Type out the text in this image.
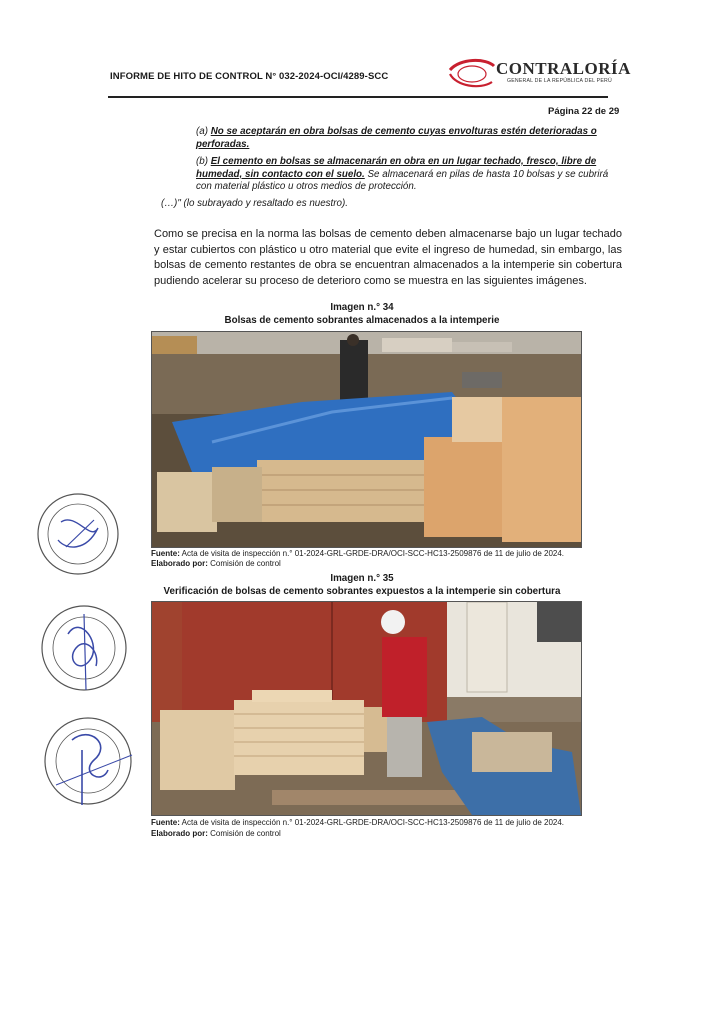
INFORME DE HITO DE CONTROL N° 032-2024-OCI/4289-SCC	CONTRALORÍA
GENERAL DE LA REPÚBLICA DEL PERÚ
Página 22 de 29
(a) No se aceptarán en obra bolsas de cemento cuyas envolturas estén deterioradas o perforadas.
(b) El cemento en bolsas se almacenarán en obra en un lugar techado, fresco, libre de humedad, sin contacto con el suelo. Se almacenará en pilas de hasta 10 bolsas y se cubrirá con material plástico u otros medios de protección.
(…)" (lo subrayado y resaltado es nuestro).
Como se precisa en la norma las bolsas de cemento deben almacenarse bajo un lugar techado y estar cubiertos con plástico u otro material que evite el ingreso de humedad, sin embargo, las bolsas de cemento restantes de obra se encuentran almacenados a la intemperie sin cobertura pudiendo acelerar su proceso de deterioro como se muestra en las siguientes imágenes.
Imagen n.° 34
Bolsas de cemento sobrantes almacenados a la intemperie
Fuente: Acta de visita de inspección n.° 01-2024-GRL-GRDE-DRA/OCI-SCC-HC13-2509876 de 11 de julio de 2024.
Elaborado por: Comisión de control
Imagen n.° 35
Verificación de bolsas de cemento sobrantes expuestos a la intemperie sin cobertura
Fuente: Acta de visita de inspección n.° 01-2024-GRL-GRDE-DRA/OCI-SCC-HC13-2509876 de 11 de julio de 2024.
Elaborado por: Comisión de control
